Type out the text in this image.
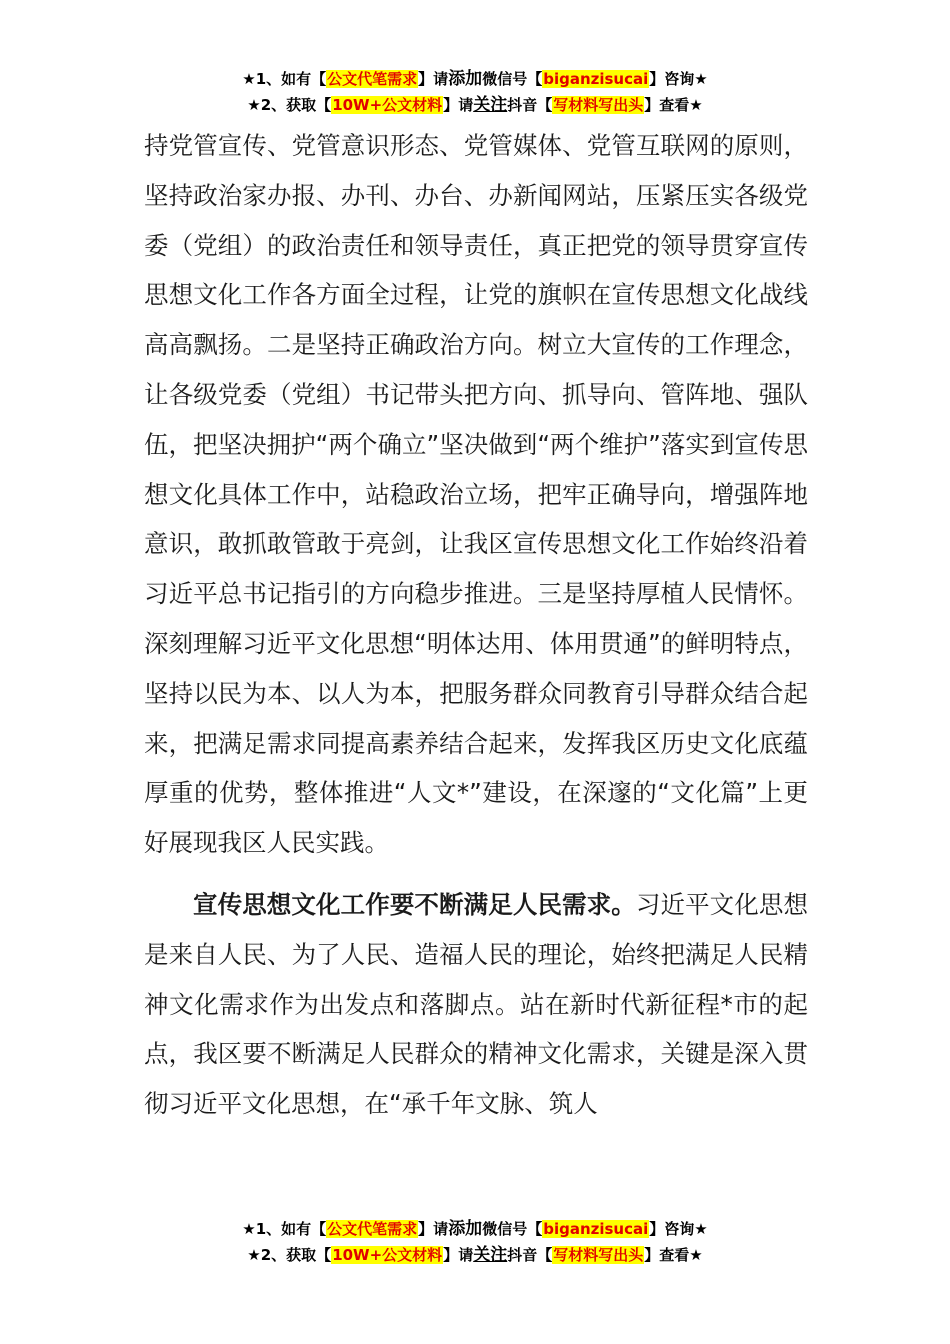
★1、如有【公文代笔需求】请添加微信号【biganzisucai】咨询★
★2、获取【10W+公文材料】请关注抖音【写材料写出头】查看★

持党管宣传、党管意识形态、党管媒体、党管互联网的原则，坚持政治家办报、办刊、办台、办新闻网站，压紧压实各级党委（党组）的政治责任和领导责任，真正把党的领导贯穿宣传思想文化工作各方面全过程，让党的旗帜在宣传思想文化战线高高飘扬。二是坚持正确政治方向。树立大宣传的工作理念，让各级党委（党组）书记带头把方向、抓导向、管阵地、强队伍，把坚决拥护“两个确立”坚决做到“两个维护”落实到宣传思想文化具体工作中，站稳政治立场，把牢正确导向，增强阵地意识，敢抓敢管敢于亮剑，让我区宣传思想文化工作始终沿着习近平总书记指引的方向稳步推进。三是坚持厚植人民情怀。深刻理解习近平文化思想“明体达用、体用贯通”的鲜明特点，坚持以民为本、以人为本，把服务群众同教育引导群众结合起来，把满足需求同提高素养结合起来，发挥我区历史文化底蕴厚重的优势，整体推进“人文*”建设，在深邃的“文化篇”上更好展现我区人民实践。

宣传思想文化工作要不断满足人民需求。习近平文化思想是来自人民、为了人民、造福人民的理论，始终把满足人民精神文化需求作为出发点和落脚点。站在新时代新征程*市的起点，我区要不断满足人民群众的精神文化需求，关键是深入贯彻习近平文化思想，在“承千年文脉、筑人

★1、如有【公文代笔需求】请添加微信号【biganzisucai】咨询★
★2、获取【10W+公文材料】请关注抖音【写材料写出头】查看★
